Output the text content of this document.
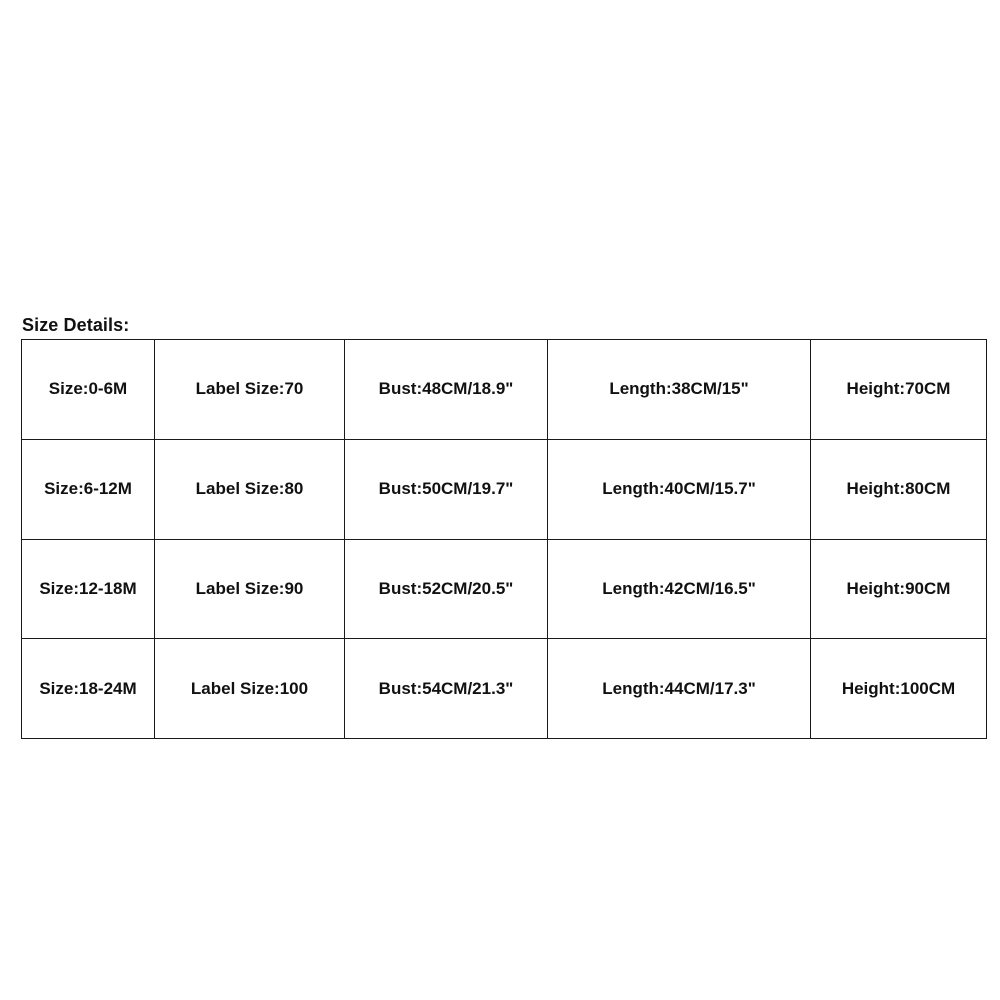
Size Details:
Size:0-6M	Label Size:70	Bust:48CM/18.9"	Length:38CM/15"	Height:70CM
Size:6-12M	Label Size:80	Bust:50CM/19.7"	Length:40CM/15.7"	Height:80CM
Size:12-18M	Label Size:90	Bust:52CM/20.5"	Length:42CM/16.5"	Height:90CM
Size:18-24M	Label Size:100	Bust:54CM/21.3"	Length:44CM/17.3"	Height:100CM
